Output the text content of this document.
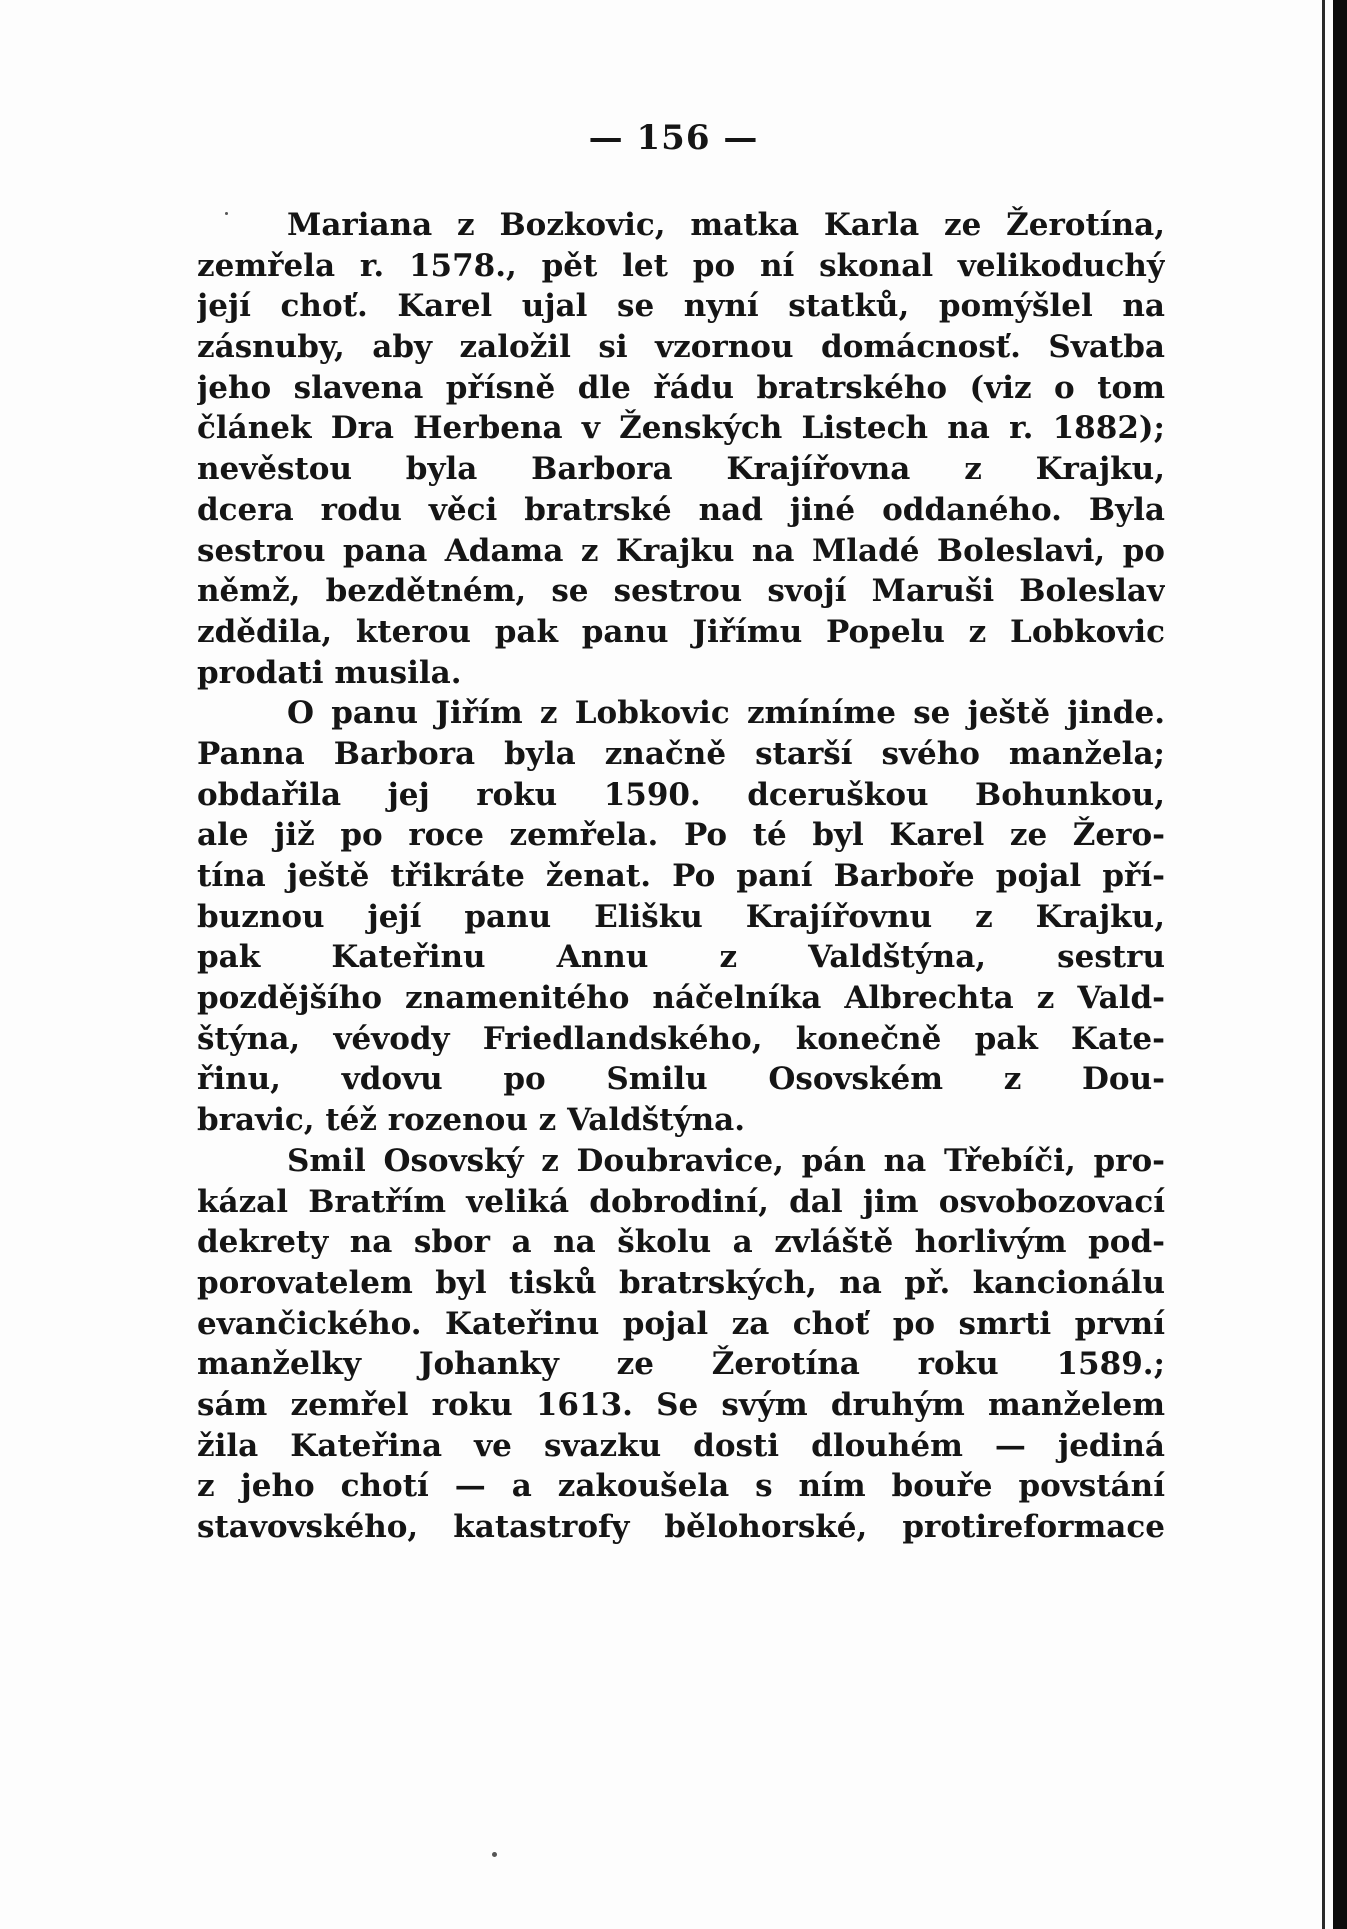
— 156 —
Mariana z Bozkovic, matka Karla ze Žerotína,
zemřela r. 1578., pět let po ní skonal velikoduchý
její choť. Karel ujal se nyní statků, pomýšlel na
zásnuby, aby založil si vzornou domácnosť. Svatba
jeho slavena přísně dle řádu bratrského (viz o tom
článek Dra Herbena v Ženských Listech na r. 1882);
nevěstou byla Barbora Krajířovna z Krajku,
dcera rodu věci bratrské nad jiné oddaného. Byla
sestrou pana Adama z Krajku na Mladé Boleslavi, po
němž, bezdětném, se sestrou svojí Maruši Boleslav
zdědila, kterou pak panu Jiřímu Popelu z Lobkovic
prodati musila.
O panu Jiřím z Lobkovic zmíníme se ještě jinde.
Panna Barbora byla značně starší svého manžela;
obdařila jej roku 1590. dceruškou Bohunkou,
ale již po roce zemřela. Po té byl Karel ze Žero-
tína ještě třikráte ženat. Po paní Barboře pojal pří-
buznou její panu Elišku Krajířovnu z Krajku,
pak Kateřinu Annu z Valdštýna, sestru
pozdějšího znamenitého náčelníka Albrechta z Vald-
štýna, vévody Friedlandského, konečně pak Kate-
řinu, vdovu po Smilu Osovském z Dou-
bravic, též rozenou z Valdštýna.
Smil Osovský z Doubravice, pán na Třebíči, pro-
kázal Bratřím veliká dobrodiní, dal jim osvobozovací
dekrety na sbor a na školu a zvláště horlivým pod-
porovatelem byl tisků bratrských, na př. kancionálu
evančického. Kateřinu pojal za choť po smrti první
manželky Johanky ze Žerotína roku 1589.;
sám zemřel roku 1613. Se svým druhým manželem
žila Kateřina ve svazku dosti dlouhém — jediná
z jeho chotí — a zakoušela s ním bouře povstání
stavovského, katastrofy bělohorské, protireformace
